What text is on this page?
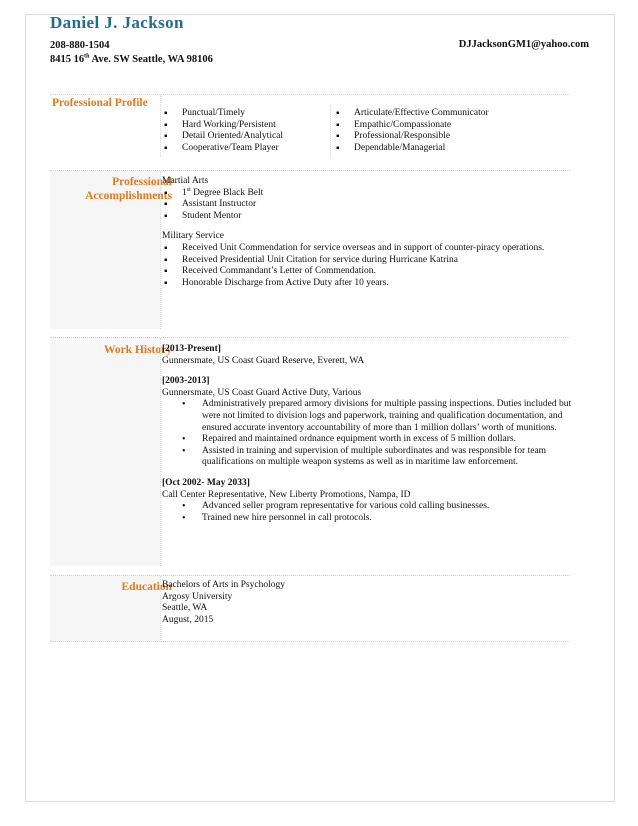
Daniel J. Jackson
208-880-1504
8415 16th Ave. SW Seattle, WA 98106
DJJacksonGM1@yahoo.com
Professional Profile
▪ Punctual/Timely
▪ Hard Working/Persistent
▪ Detail Oriented/Analytical
▪ Cooperative/Team Player
▪ Articulate/Effective Communicator
▪ Empathic/Compassionate
▪ Professional/Responsible
▪ Dependable/Managerial
Professional
Accomplishments
Martial Arts
▪ 1st Degree Black Belt
▪ Assistant Instructor
▪ Student Mentor
Military Service
▪ Received Unit Commendation for service overseas and in support of counter-piracy operations.
▪ Received Presidential Unit Citation for service during Hurricane Katrina
▪ Received Commandant’s Letter of Commendation.
▪ Honorable Discharge from Active Duty after 10 years.
Work History
[2013-Present]
Gunnersmate, US Coast Guard Reserve, Everett, WA
[2003-2013]
Gunnersmate, US Coast Guard Active Duty, Various
• Administratively prepared armory divisions for multiple passing inspections. Duties included but were not limited to division logs and paperwork, training and qualification documentation, and ensured accurate inventory accountability of more than 1 million dollars’ worth of munitions.
• Repaired and maintained ordnance equipment worth in excess of 5 million dollars.
• Assisted in training and supervision of multiple subordinates and was responsible for team qualifications on multiple weapon systems as well as in maritime law enforcement.
[Oct 2002- May 2033]
Call Center Representative, New Liberty Promotions, Nampa, ID
• Advanced seller program representative for various cold calling businesses.
• Trained new hire personnel in call protocols.
Education
Bachelors of Arts in Psychology
Argosy University
Seattle, WA
August, 2015
